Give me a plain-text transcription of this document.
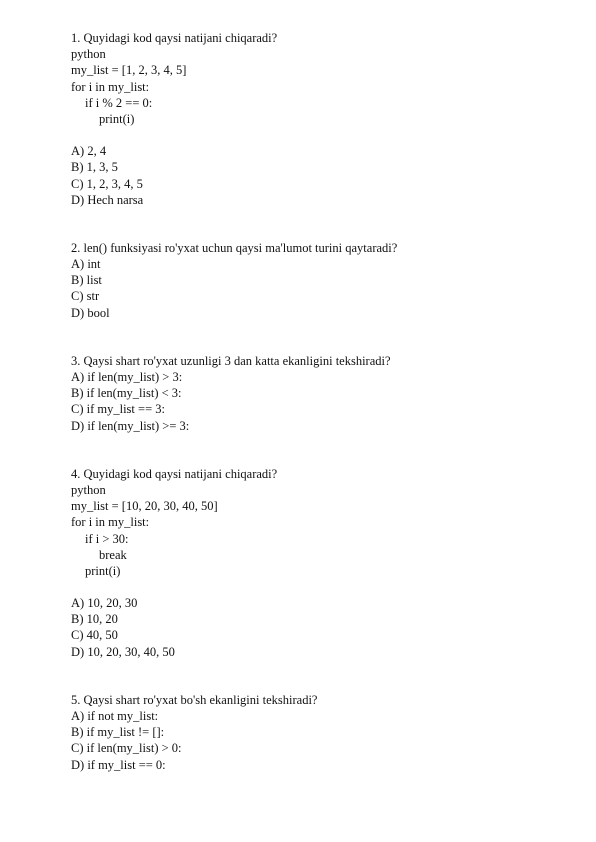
1. Quyidagi kod qaysi natijani chiqaradi?
python
my_list = [1, 2, 3, 4, 5]
for i in my_list:
if i % 2 == 0:
print(i)
A) 2, 4
B) 1, 3, 5
C) 1, 2, 3, 4, 5
D) Hech narsa
2. len() funksiyasi ro'yxat uchun qaysi ma'lumot turini qaytaradi?
A) int
B) list
C) str
D) bool
3. Qaysi shart ro'yxat uzunligi 3 dan katta ekanligini tekshiradi?
A) if len(my_list) > 3:
B) if len(my_list) < 3:
C) if my_list == 3:
D) if len(my_list) >= 3:
4. Quyidagi kod qaysi natijani chiqaradi?
python
my_list = [10, 20, 30, 40, 50]
for i in my_list:
if i > 30:
break
print(i)
A) 10, 20, 30
B) 10, 20
C) 40, 50
D) 10, 20, 30, 40, 50
5. Qaysi shart ro'yxat bo'sh ekanligini tekshiradi?
A) if not my_list:
B) if my_list != []:
C) if len(my_list) > 0:
D) if my_list == 0:
